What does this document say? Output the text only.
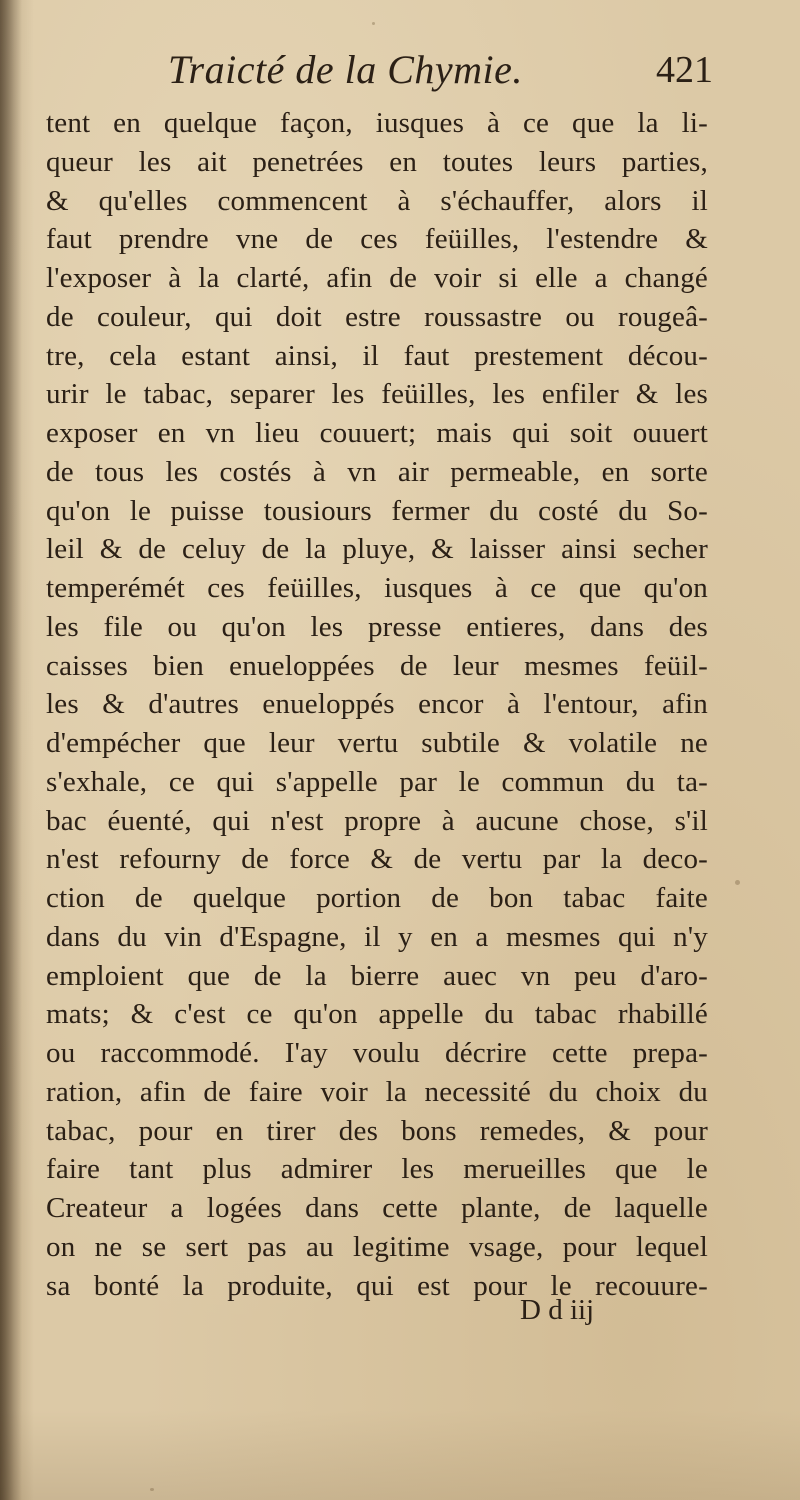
Traicté de la Chymie.	421
tent en quelque façon, iusques à ce que la li-
queur les ait penetrées en toutes leurs parties,
& qu'elles commencent à s'échauffer, alors il
faut prendre vne de ces feüilles, l'estendre &
l'exposer à la clarté, afin de voir si elle a changé
de couleur, qui doit estre roussastre ou rougeâ-
tre, cela estant ainsi, il faut prestement décou-
urir le tabac, separer les feüilles, les enfiler & les
exposer en vn lieu couuert; mais qui soit ouuert
de tous les costés à vn air permeable, en sorte
qu'on le puisse tousiours fermer du costé du So-
leil & de celuy de la pluye, & laisser ainsi secher
temperémét ces feüilles, iusques à ce que qu'on
les file ou qu'on les presse entieres, dans des
caisses bien enueloppées de leur mesmes feüil-
les & d'autres enueloppés encor à l'entour, afin
d'empécher que leur vertu subtile & volatile ne
s'exhale, ce qui s'appelle par le commun du ta-
bac éuenté, qui n'est propre à aucune chose, s'il
n'est refourny de force & de vertu par la deco-
ction de quelque portion de bon tabac faite
dans du vin d'Espagne, il y en a mesmes qui n'y
emploient que de la bierre auec vn peu d'aro-
mats; & c'est ce qu'on appelle du tabac rhabillé
ou raccommodé. I'ay voulu décrire cette prepa-
ration, afin de faire voir la necessité du choix du
tabac, pour en tirer des bons remedes, & pour
faire tant plus admirer les merueilles que le
Createur a logées dans cette plante, de laquelle
on ne se sert pas au legitime vsage, pour lequel
sa bonté la produite, qui est pour le recouure-
D d iij
